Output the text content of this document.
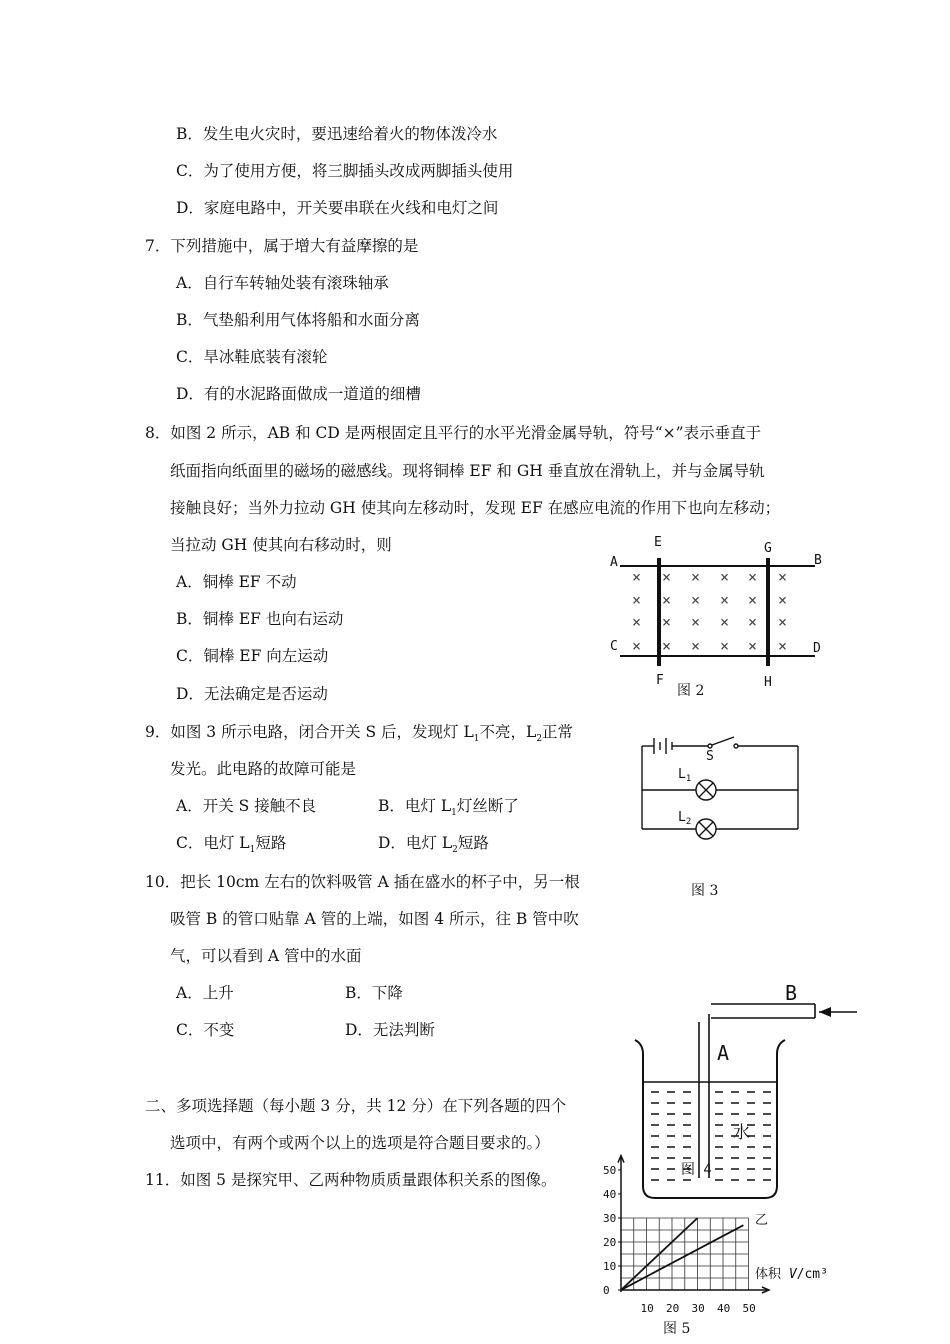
B．发生电火灾时，要迅速给着火的物体泼冷水
C．为了使用方便，将三脚插头改成两脚插头使用
D．家庭电路中，开关要串联在火线和电灯之间
7．下列措施中，属于增大有益摩擦的是
A．自行车转轴处装有滚珠轴承
B．气垫船利用气体将船和水面分离
C．旱冰鞋底装有滚轮
D．有的水泥路面做成一道道的细槽
8．如图 2 所示，AB 和 CD 是两根固定且平行的水平光滑金属导轨，符号“×”表示垂直于
纸面指向纸面里的磁场的磁感线。现将铜棒 EF 和 GH 垂直放在滑轨上，并与金属导轨
接触良好；当外力拉动 GH 使其向左移动时，发现 EF 在感应电流的作用下也向左移动；
当拉动 GH 使其向右移动时，则
A．铜棒 EF 不动
B．铜棒 EF 也向右运动
C．铜棒 EF 向左运动
D．无法确定是否运动
×
×
×
×
×
×
×
×
×
×
×
×
×
×
×
×
×
×
×
×
×
×
×
×
A	B
C	D
E
F
G
H
图 2
9．如图 3 所示电路，闭合开关 S 后，发现灯 $L_1$不亮，$L_2$正常
发光。此电路的故障可能是
A．开关 S 接触不良	B．电灯 $L_1$灯丝断了
C．电灯 $L_1$短路	D．电灯 $L_2$短路
S
$L_1$
$L_2$
图 3
10．把长 10cm 左右的饮料吸管 A 插在盛水的杯子中，另一根
吸管 B 的管口贴靠 A 管的上端，如图 4 所示，往 B 管中吹
气，可以看到 A 管中的水面
A．上升	B．下降
C．不变	D．无法判断
A
B
水
图 4
二、多项选择题（每小题 3 分，共 12 分）在下列各题的四个
选项中，有两个或两个以上的选项是符合题目要求的。）
11．如图 5 是探究甲、乙两种物质质量跟体积关系的图像。
0
10
20
30
40
50
10 20 30 40 50
体积 V/cm³
乙
图 5
